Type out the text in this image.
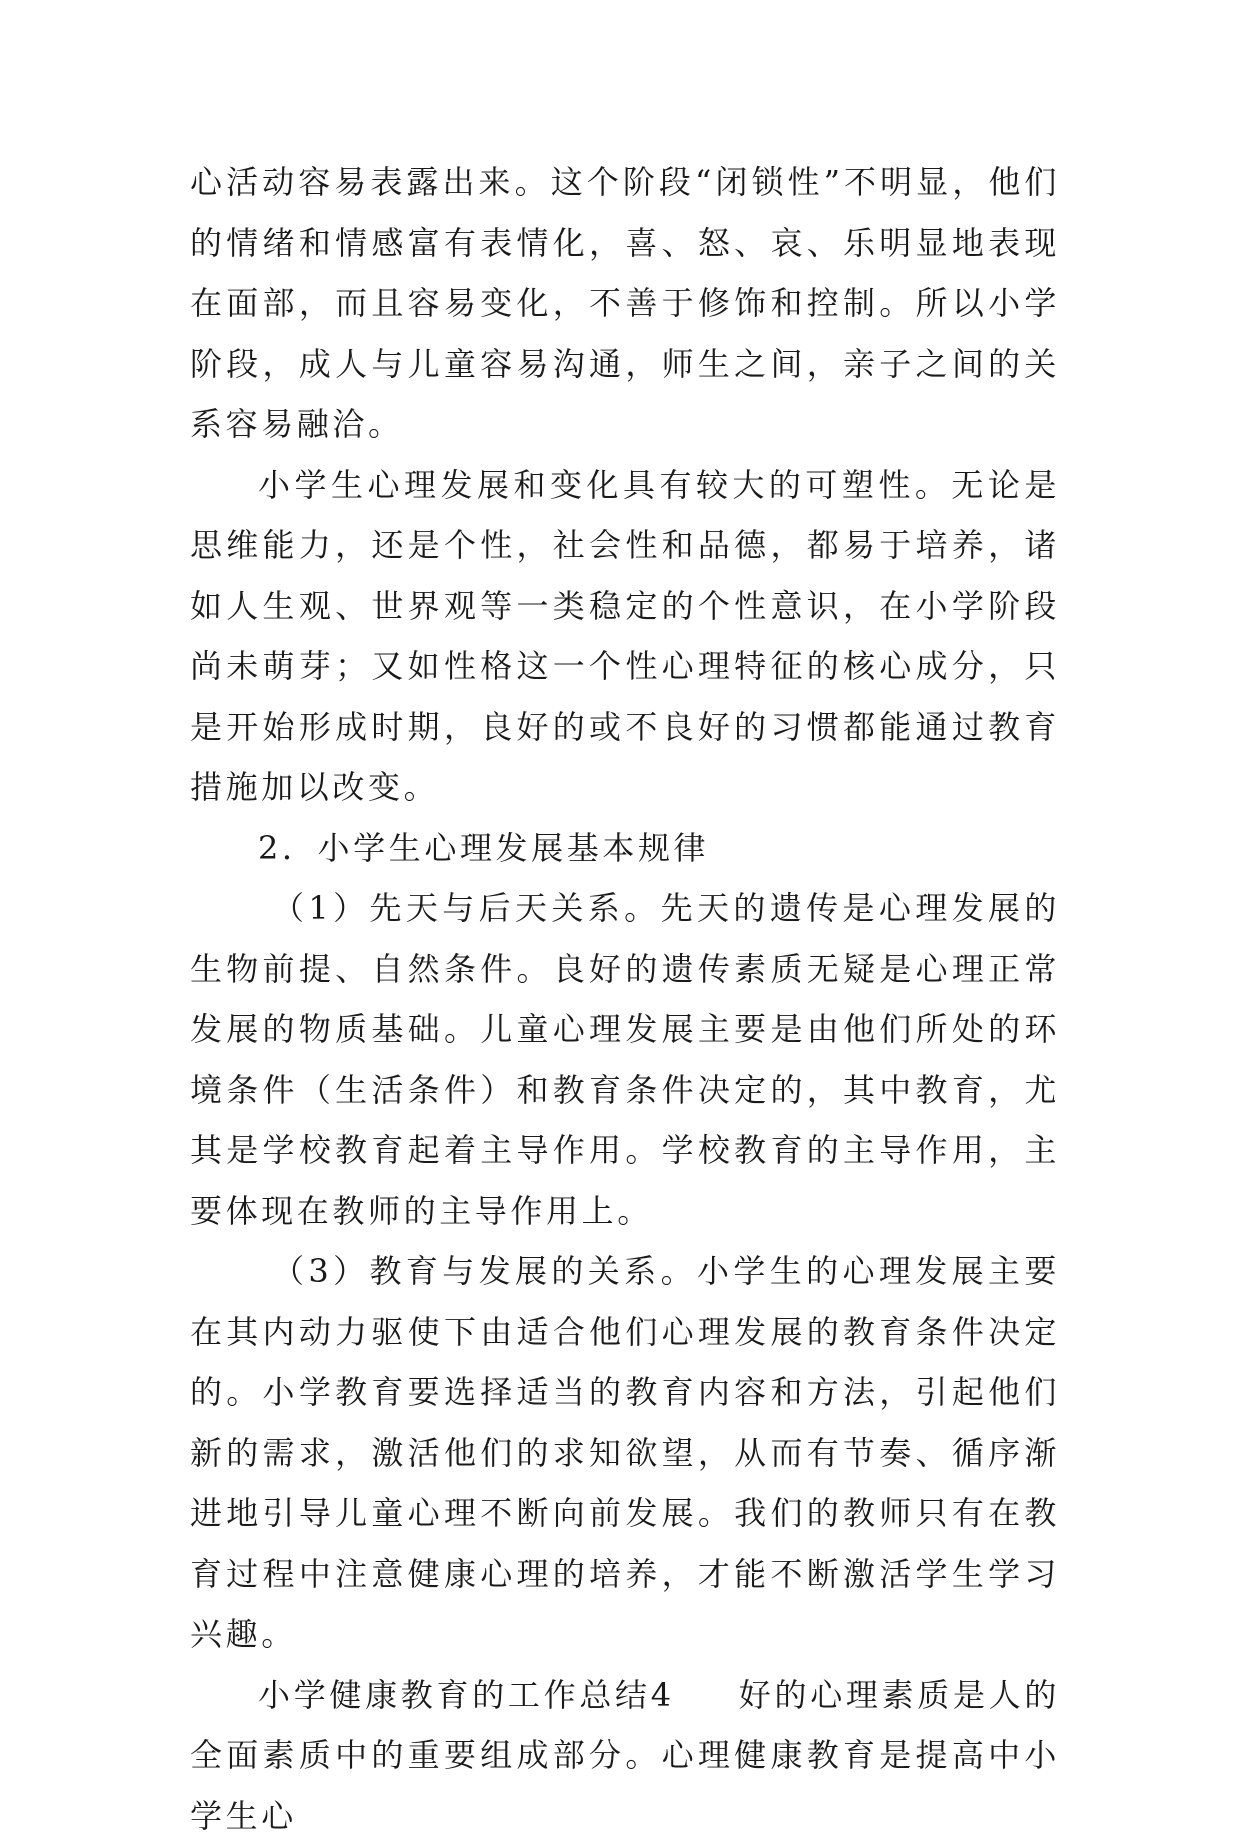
心活动容易表露出来。这个阶段“闭锁性”不明显，他们的情绪和情感富有表情化，喜、怒、哀、乐明显地表现在面部，而且容易变化，不善于修饰和控制。所以小学阶段，成人与儿童容易沟通，师生之间，亲子之间的关系容易融洽。

小学生心理发展和变化具有较大的可塑性。无论是思维能力，还是个性，社会性和品德，都易于培养，诸如人生观、世界观等一类稳定的个性意识，在小学阶段尚未萌芽；又如性格这一个性心理特征的核心成分，只是开始形成时期，良好的或不良好的习惯都能通过教育措施加以改变。

2．小学生心理发展基本规律

（1）先天与后天关系。先天的遗传是心理发展的生物前提、自然条件。良好的遗传素质无疑是心理正常发展的物质基础。儿童心理发展主要是由他们所处的环境条件（生活条件）和教育条件决定的，其中教育，尤其是学校教育起着主导作用。学校教育的主导作用，主要体现在教师的主导作用上。

（3）教育与发展的关系。小学生的心理发展主要在其内动力驱使下由适合他们心理发展的教育条件决定的。小学教育要选择适当的教育内容和方法，引起他们新的需求，激活他们的求知欲望，从而有节奏、循序渐进地引导儿童心理不断向前发展。我们的教师只有在教育过程中注意健康心理的培养，才能不断激活学生学习兴趣。

小学健康教育的工作总结4 好的心理素质是人的全面素质中的重要组成部分。心理健康教育是提高中小学生心
